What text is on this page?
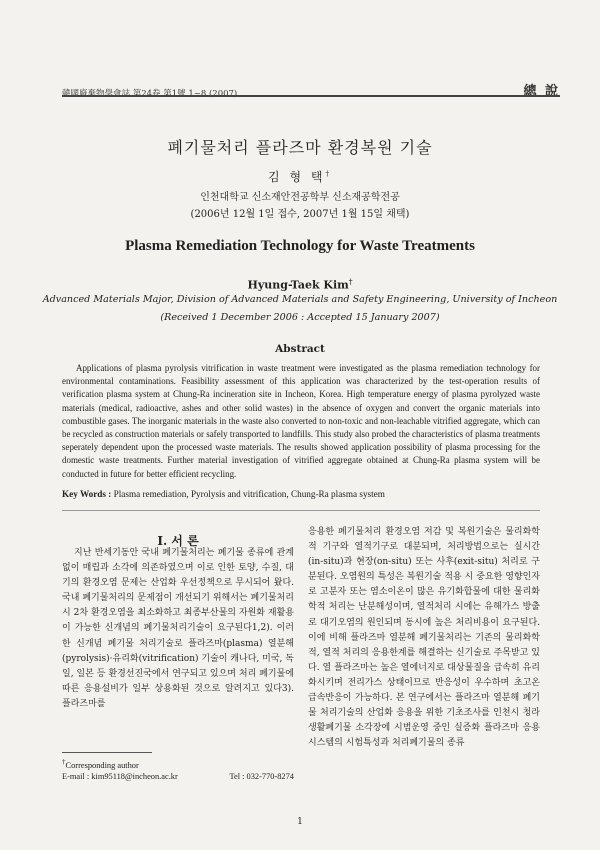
韓國廢棄物學會誌 第24卷 第1號 1~8 (2007)	總 說
폐기물처리 플라즈마 환경복원 기술
김 형 택†
인천대학교 신소재안전공학부 신소재공학전공
(2006년 12월 1일 접수, 2007년 1월 15일 채택)
Plasma Remediation Technology for Waste Treatments
Hyung-Taek Kim†
Advanced Materials Major, Division of Advanced Materials and Safety Engineering, University of Incheon
(Received 1 December 2006 : Accepted 15 January 2007)
Abstract

Applications of plasma pyrolysis vitrification in waste treatment were investigated as the plasma remediation technology for environmental contaminations. Feasibility assessment of this application was characterized by the test-operation results of verification plasma system at Chung-Ra incineration site in Incheon, Korea. High temperature energy of plasma pyrolyzed waste materials (medical, radioactive, ashes and other solid wastes) in the absence of oxygen and convert the organic materials into combustible gases. The inorganic materials in the waste also converted to non-toxic and non-leachable vitrified aggregate, which can be recycled as construction materials or safely transported to landfills. This study also probed the characteristics of plasma treatments seperately dependent upon the processed waste materials. The results showed application possibility of plasma processing for the domestic waste treatments. Further material investigation of vitrified aggregate obtained at Chung-Ra plasma system will be conducted in future for better efficient recycling.

Key Words : Plasma remediation, Pyrolysis and vitrification, Chung-Ra plasma system
I. 서 론

지난 반세기동안 국내 폐기물처리는 폐기물 종류에 관계없이 매립과 소각에 의존하였으며 이로 인한 토양, 수질, 대기의 환경오염 문제는 산업화 우선정책으로 무시되어 왔다. 국내 폐기물처리의 문제점이 개선되기 위해서는 폐기물처리 시 2차 환경오염을 최소화하고 최종부산물의 자원화 재활용이 가능한 신개념의 폐기물처리기술이 요구된다1,2). 이러한 신개념 폐기물 처리기술로 플라즈마(plasma) 열분해(pyrolysis)·유리화(vitrification) 기술이 캐나다, 미국, 독일, 일본 등 환경선진국에서 연구되고 있으며 처리 폐기물에 따른 응용설비가 일부 상용화된 것으로 알려지고 있다3). 플라즈마를

응용한 폐기물처리 환경오염 저감 및 복원기술은 물리화학적 기구와 열적기구로 대분되며, 처리방법으로는 실시간(in-situ)과 현장(on-situ) 또는 사후(exit-situ) 처리로 구분된다. 오염원의 특성은 복원기술 적용 시 중요한 영향인자로 고분자 또는 염소이온이 많은 유기화합물에 대한 물리화학적 처리는 난분해성이며, 열적처리 시에는 유해가스 방출로 대기오염의 원인되며 동시에 높은 처리비용이 요구된다. 이에 비해 플라즈마 열분해 폐기물처리는 기존의 물리화학적, 열적 처리의 응용한계를 해결하는 신기술로 주목받고 있다. 열 플라즈마는 높은 열에너지로 대상물질을 급속히 유리화시키며 전리가스 상태이므로 반응성이 우수하며 초고온 급속반응이 가능하다. 본 연구에서는 플라즈마 열분해 폐기물 처리기술의 산업화 응용을 위한 기초조사를 인천시 청라 생활폐기물 소각장에 시범운영 중인 실증화 플라즈마 응용시스템의 시험특성과 처리폐기물의 종류

†Corresponding author
E-mail : kim95118@incheon.ac.kr	Tel : 032-770-8274
1
